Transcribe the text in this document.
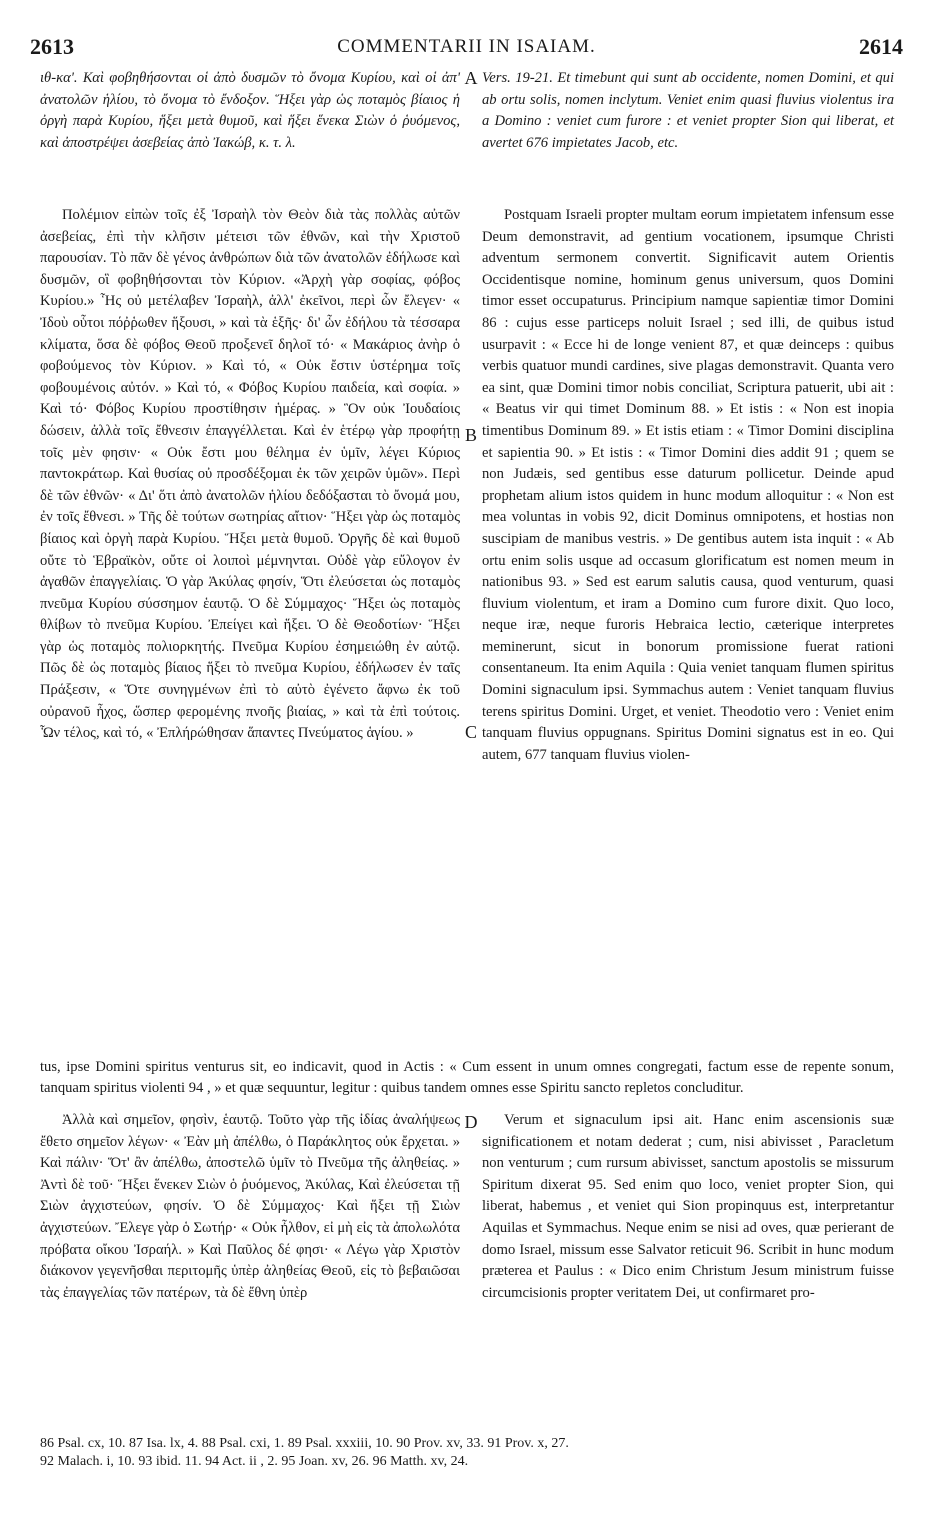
2613	COMMENTARII IN ISAIAM.	2614

ιθ-κα'. Καὶ φοβηθήσονται οἱ ἀπὸ δυσμῶν τὸ ὄνομα Κυρίου, καὶ οἱ ἀπ' ἀνατολῶν ἡλίου, τὸ ὄνομα τὸ ἔνδοξον. Ἥξει γὰρ ὡς ποταμὸς βίαιος ἡ ὀργὴ παρὰ Κυρίου, ἥξει μετὰ θυμοῦ, καὶ ἥξει ἕνεκα Σιὼν ὁ ῥυόμενος, καὶ ἀποστρέψει ἀσεβείας ἀπὸ Ἰακώβ, κ. τ. λ.

Vers. 19-21. Et timebunt qui sunt ab occidente, nomen Domini, et qui ab ortu solis, nomen inclytum. Veniet enim quasi fluvius violentus ira a Domino : veniet cum furore : et veniet propter Sion qui liberat, et avertet 676 impietates Jacob, etc.

A
B
C
D

Πολέμιον εἰπὼν τοῖς ἐξ Ἰσραὴλ τὸν Θεὸν διὰ τὰς πολλὰς αὐτῶν ἀσεβείας, ἐπὶ τὴν κλῆσιν μέτεισι τῶν ἐθνῶν, καὶ τὴν Χριστοῦ παρουσίαν. Τὸ πᾶν δὲ γένος ἀνθρώπων διὰ τῶν ἀνατολῶν ἐδήλωσε καὶ δυσμῶν, οἳ φοβηθήσονται τὸν Κύριον. «Ἀρχὴ γὰρ σοφίας, φόβος Κυρίου.» Ἧς οὐ μετέλαβεν Ἰσραὴλ, ἀλλ' ἐκεῖνοι, περὶ ὧν ἔλεγεν· « Ἰδοὺ οὗτοι πόῤῥωθεν ἥξουσι, » καὶ τὰ ἑξῆς· δι' ὧν ἐδήλου τὰ τέσσαρα κλίματα, ὅσα δὲ φόβος Θεοῦ προξενεῖ δηλοῖ τό· « Μακάριος ἀνὴρ ὁ φοβούμενος τὸν Κύριον. » Καὶ τό, « Οὐκ ἔστιν ὑστέρημα τοῖς φοβουμένοις αὐτόν. » Καὶ τό, « Φόβος Κυρίου παιδεία, καὶ σοφία. » Καὶ τό· Φόβος Κυρίου προστίθησιν ἡμέρας. » Ὃν οὐκ Ἰουδαίοις δώσειν, ἀλλὰ τοῖς ἔθνεσιν ἐπαγγέλλεται. Καὶ ἐν ἑτέρῳ γὰρ προφήτῃ τοῖς μὲν φησιν· « Οὐκ ἔστι μου θέλημα ἐν ὑμῖν, λέγει Κύριος παντοκράτωρ. Καὶ θυσίας οὐ προσδέξομαι ἐκ τῶν χειρῶν ὑμῶν». Περὶ δὲ τῶν ἐθνῶν· « Δι' ὅτι ἀπὸ ἀνατολῶν ἡλίου δεδόξασται τὸ ὄνομά μου, ἐν τοῖς ἔθνεσι. » Τῆς δὲ τούτων σωτηρίας αἴτιον· Ἥξει γὰρ ὡς ποταμὸς βίαιος καὶ ὀργὴ παρὰ Κυρίου. Ἥξει μετὰ θυμοῦ. Ὀργῆς δὲ καὶ θυμοῦ οὔτε τὸ Ἑβραϊκὸν, οὔτε οἱ λοιποὶ μέμνηνται. Οὐδὲ γὰρ εὔλογον ἐν ἀγαθῶν ἐπαγγελίαις. Ὁ γὰρ Ἀκύλας φησίν, Ὅτι ἐλεύσεται ὡς ποταμὸς πνεῦμα Κυρίου σύσσημον ἑαυτῷ. Ὁ δὲ Σύμμαχος· Ἥξει ὡς ποταμὸς θλίβων τὸ πνεῦμα Κυρίου. Ἐπείγει καὶ ἥξει. Ὁ δὲ Θεοδοτίων· Ἥξει γὰρ ὡς ποταμὸς πολιορκητής. Πνεῦμα Κυρίου ἐσημειώθη ἐν αὐτῷ. Πῶς δὲ ὡς ποταμὸς βίαιος ἥξει τὸ πνεῦμα Κυρίου, ἐδήλωσεν ἐν ταῖς Πράξεσιν, « Ὅτε συνηγμένων ἐπὶ τὸ αὐτὸ ἐγένετο ἄφνω ἐκ τοῦ οὐρανοῦ ἦχος, ὥσπερ φερομένης πνοῆς βιαίας, » καὶ τὰ ἐπὶ τούτοις. Ὧν τέλος, καὶ τό, « Ἐπλήρώθησαν ἅπαντες Πνεύματος ἁγίου. »

Postquam Israeli propter multam eorum impietatem infensum esse Deum demonstravit, ad gentium vocationem, ipsumque Christi adventum sermonem convertit. Significavit autem Orientis Occidentisque nomine, hominum genus universum, quos Domini timor esset occupaturus. Principium namque sapientiæ timor Domini 86 : cujus esse particeps noluit Israel ; sed illi, de quibus istud usurpavit : « Ecce hi de longe venient 87, et quæ deinceps : quibus verbis quatuor mundi cardines, sive plagas demonstravit. Quanta vero ea sint, quæ Domini timor nobis conciliat, Scriptura patuerit, ubi ait : « Beatus vir qui timet Dominum 88. » Et istis : « Non est inopia timentibus Dominum 89. » Et istis etiam : « Timor Domini disciplina et sapientia 90. » Et istis : « Timor Domini dies addit 91 ; quem se non Judæis, sed gentibus esse daturum pollicetur. Deinde apud prophetam alium istos quidem in hunc modum alloquitur : « Non est mea voluntas in vobis 92, dicit Dominus omnipotens, et hostias non suscipiam de manibus vestris. » De gentibus autem ista inquit : « Ab ortu enim solis usque ad occasum glorificatum est nomen meum in nationibus 93. » Sed est earum salutis causa, quod venturum, quasi fluvium violentum, et iram a Domino cum furore dixit. Quo loco, neque iræ, neque furoris Hebraica lectio, cæterique interpretes meminerunt, sicut in bonorum promissione fuerat rationi consentaneum. Ita enim Aquila : Quia veniet tanquam flumen spiritus Domini signaculum ipsi. Symmachus autem : Veniet tanquam fluvius terens spiritus Domini. Urget, et veniet. Theodotio vero : Veniet enim tanquam fluvius oppugnans. Spiritus Domini signatus est in eo. Qui autem, 677 tanquam fluvius violen-

tus, ipse Domini spiritus venturus sit, eo indicavit, quod in Actis : « Cum essent in unum omnes congregati, factum esse de repente sonum, tanquam spiritus violenti 94 , » et quæ sequuntur, legitur : quibus tandem omnes esse Spiritu sancto repletos concluditur.

Ἀλλὰ καὶ σημεῖον, φησὶν, ἑαυτῷ. Τοῦτο γὰρ τῆς ἰδίας ἀναλήψεως ἔθετο σημεῖον λέγων· « Ἐὰν μὴ ἀπέλθω, ὁ Παράκλητος οὐκ ἔρχεται. » Καὶ πάλιν· Ὅτ' ἂν ἀπέλθω, ἀποστελῶ ὑμῖν τὸ Πνεῦμα τῆς ἀληθείας. » Ἀντὶ δὲ τοῦ· Ἥξει ἕνεκεν Σιὼν ὁ ῥυόμενος, Ἀκύλας, Καὶ ἐλεύσεται τῇ Σιὼν ἀγχιστεύων, φησίν. Ὁ δὲ Σύμμαχος· Καὶ ἥξει τῇ Σιὼν ἀγχιστεύων. Ἔλεγε γὰρ ὁ Σωτήρ· « Οὐκ ἦλθον, εἰ μὴ εἰς τὰ ἀπολωλότα πρόβατα οἴκου Ἰσραήλ. » Καὶ Παῦλος δέ φησι· « Λέγω γὰρ Χριστὸν διάκονον γεγενῆσθαι περιτομῆς ὑπὲρ ἀληθείας Θεοῦ, εἰς τὸ βεβαιῶσαι τὰς ἐπαγγελίας τῶν πατέρων, τὰ δὲ ἔθνη ὑπὲρ

Verum et signaculum ipsi ait. Hanc enim ascensionis suæ significationem et notam dederat ; cum, nisi abivisset , Paracletum non venturum ; cum rursum abivisset, sanctum apostolis se missurum Spiritum dixerat 95. Sed enim quo loco, veniet propter Sion, qui liberat, habemus , et veniet qui Sion propinquus est, interpretantur Aquilas et Symmachus. Neque enim se nisi ad oves, quæ perierant de domo Israel, missum esse Salvator reticuit 96. Scribit in hunc modum præterea et Paulus : « Dico enim Christum Jesum ministrum fuisse circumcisionis propter veritatem Dei, ut confirmaret pro-

86 Psal. cx, 10. 87 Isa. lx, 4. 88 Psal. cxi, 1. 89 Psal. xxxiii, 10. 90 Prov. xv, 33. 91 Prov. x, 27.

92 Malach. i, 10. 93 ibid. 11. 94 Act. ii , 2. 95 Joan. xv, 26. 96 Matth. xv, 24.
